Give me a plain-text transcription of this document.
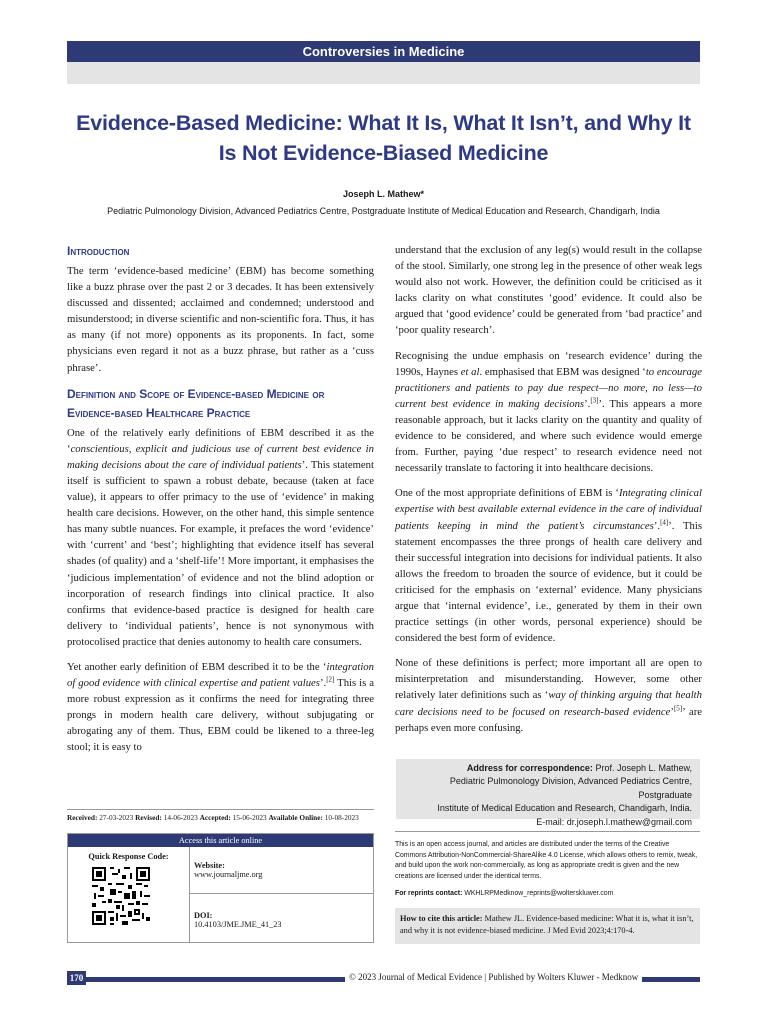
Controversies in Medicine
Evidence-Based Medicine: What It Is, What It Isn’t, and Why It Is Not Evidence-Biased Medicine
Joseph L. Mathew*
Pediatric Pulmonology Division, Advanced Pediatrics Centre, Postgraduate Institute of Medical Education and Research, Chandigarh, India
Introduction

The term ‘evidence-based medicine’ (EBM) has become something like a buzz phrase over the past 2 or 3 decades. It has been extensively discussed and dissented; acclaimed and condemned; understood and misunderstood; in diverse scientific and non-scientific fora. Thus, it has as many (if not more) opponents as its proponents. In fact, some physicians even regard it not as a buzz phrase, but rather as a ‘cuss phrase’.

Definition and Scope of Evidence-based Medicine or Evidence-based Healthcare Practice

One of the relatively early definitions of EBM described it as the ‘conscientious, explicit and judicious use of current best evidence in making decisions about the care of individual patients’. This statement itself is sufficient to spawn a robust debate, because (taken at face value), it appears to offer primacy to the use of ‘evidence’ in making health care decisions. However, on the other hand, this simple sentence has many subtle nuances. For example, it prefaces the word ‘evidence’ with ‘current’ and ‘best’; highlighting that evidence itself has several shades (of quality) and a ‘shelf-life’! More important, it emphasises the ‘judicious implementation’ of evidence and not the blind adoption or incorporation of research findings into clinical practice. It also confirms that evidence-based practice is designed for health care delivery to ‘individual patients’, hence is not synonymous with protocolised practice that denies autonomy to health care consumers.

Yet another early definition of EBM described it to be the ‘integration of good evidence with clinical expertise and patient values’.[2] This is a more robust expression as it confirms the need for integrating three prongs in modern health care delivery, without subjugating or abrogating any of them. Thus, EBM could be likened to a three-leg stool; it is easy to

understand that the exclusion of any leg(s) would result in the collapse of the stool. Similarly, one strong leg in the presence of other weak legs would also not work. However, the definition could be criticised as it lacks clarity on what constitutes ‘good’ evidence. It could also be argued that ‘good evidence’ could be generated from ‘bad practice’ and ‘poor quality research’.

Recognising the undue emphasis on ‘research evidence’ during the 1990s, Haynes et al. emphasised that EBM was designed ‘to encourage practitioners and patients to pay due respect—no more, no less—to current best evidence in making decisions’.[3]’. This appears a more reasonable approach, but it lacks clarity on the quantity and quality of evidence to be considered, and where such evidence would emerge from. Further, paying ‘due respect’ to research evidence need not necessarily translate to factoring it into healthcare decisions.

One of the most appropriate definitions of EBM is ‘Integrating clinical expertise with best available external evidence in the care of individual patients keeping in mind the patient’s circumstances’.[4]’. This statement encompasses the three prongs of health care delivery and their successful integration into decisions for individual patients. It also allows the freedom to broaden the source of evidence, but it could be criticised for the emphasis on ‘external’ evidence. Many physicians argue that ‘internal evidence’, i.e., generated by them in their own practice settings (in other words, personal experience) should be considered the best form of evidence.

None of these definitions is perfect; more important all are open to misinterpretation and misunderstanding. However, some other relatively later definitions such as ‘way of thinking arguing that health care decisions need to be focused on research-based evidence’[5]’ are perhaps even more confusing.

Address for correspondence: Prof. Joseph L. Mathew,
Pediatric Pulmonology Division, Advanced Pediatrics Centre, Postgraduate
Institute of Medical Education and Research, Chandigarh, India.
E-mail: dr.joseph.l.mathew@gmail.com
Received: 27-03-2023 Revised: 14-06-2023 Accepted: 15-06-2023 Available Online: 10-08-2023
Access this article online
Quick Response Code:
Website:
www.journaljme.org
DOI:
10.4103/JME.JME_41_23
This is an open access journal, and articles are distributed under the terms of the Creative Commons Attribution-NonCommercial-ShareAlike 4.0 License, which allows others to remix, tweak, and build upon the work non-commercially, as long as appropriate credit is given and the new creations are licensed under the identical terms.
For reprints contact: WKHLRPMedknow_reprints@wolterskluwer.com
How to cite this article: Mathew JL. Evidence-based medicine: What it is, what it isn’t, and why it is not evidence-biased medicine. J Med Evid 2023;4:170-4.
170	© 2023 Journal of Medical Evidence | Published by Wolters Kluwer - Medknow
